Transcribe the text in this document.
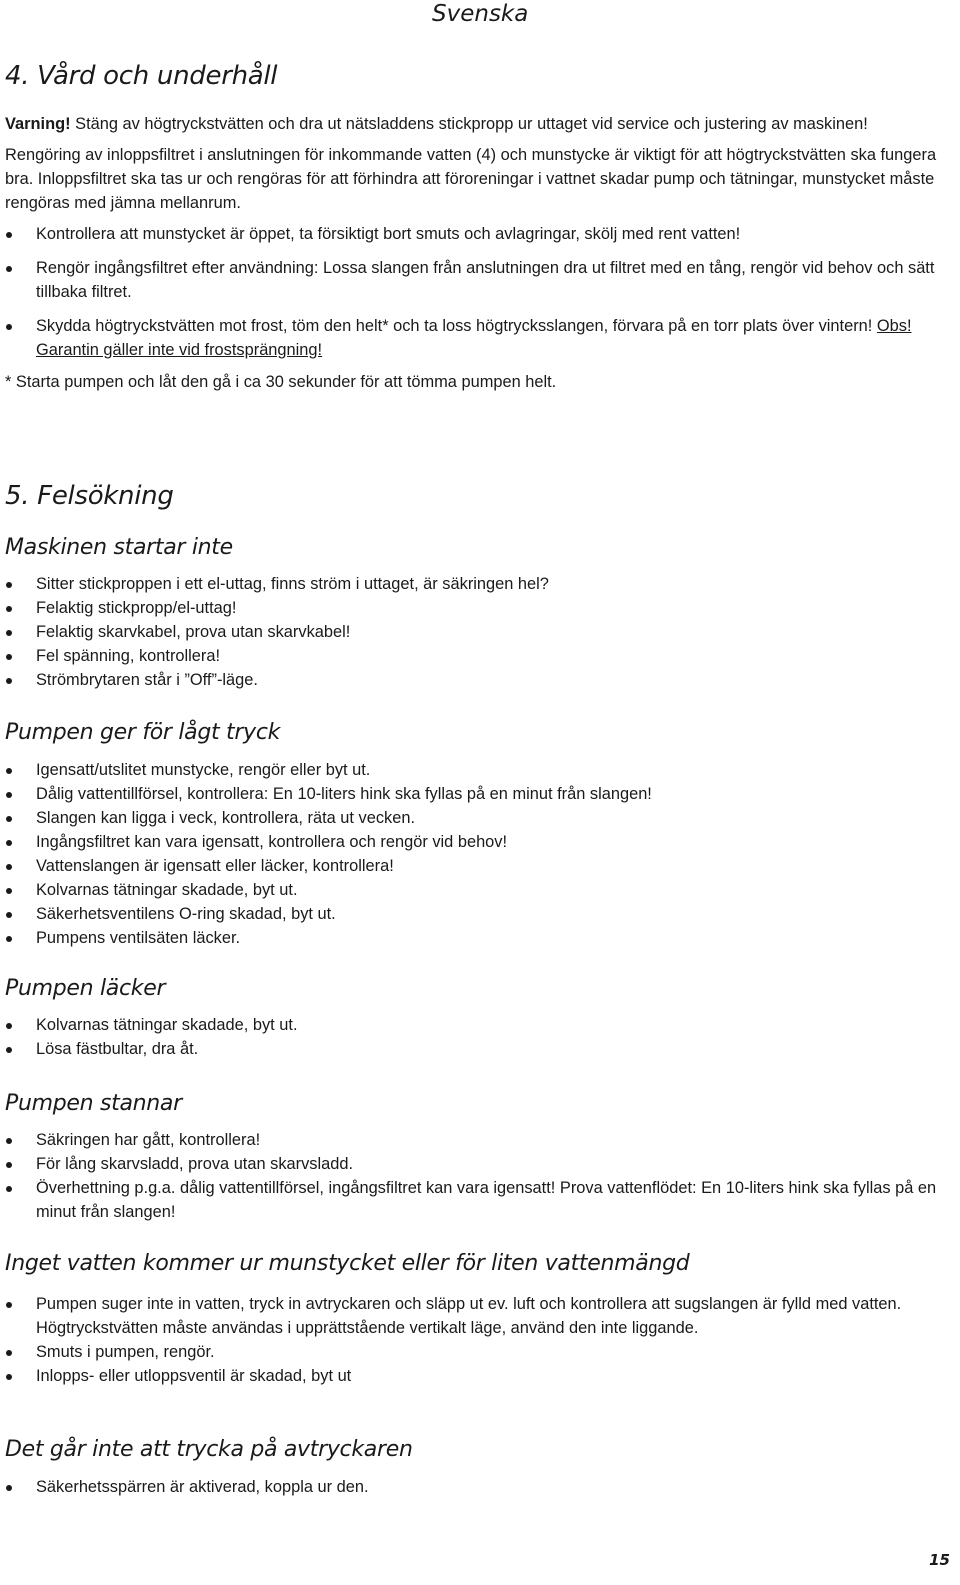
Svenska
4. Vård och underhåll

Varning! Stäng av högtryckstvätten och dra ut nätsladdens stickpropp ur uttaget vid service och justering av maskinen!

Rengöring av inloppsfiltret i anslutningen för inkommande vatten (4) och munstycke är viktigt för att högtryckstvätten ska fungera bra. Inloppsfiltret ska tas ur och rengöras för att förhindra att föroreningar i vattnet skadar pump och tätningar, munstycket måste rengöras med jämna mellanrum.

Kontrollera att munstycket är öppet, ta försiktigt bort smuts och avlagringar, skölj med rent vatten!
Rengör ingångsfiltret efter användning: Lossa slangen från anslutningen dra ut filtret med en tång, rengör vid behov och sätt tillbaka filtret.
Skydda högtryckstvätten mot frost, töm den helt* och ta loss högtrycksslangen, förvara på en torr plats över vintern! Obs! Garantin gäller inte vid frostsprängning!

* Starta pumpen och låt den gå i ca 30 sekunder för att tömma pumpen helt.

5. Felsökning
Maskinen startar inte
Sitter stickproppen i ett el-uttag, finns ström i uttaget, är säkringen hel?
Felaktig stickpropp/el-uttag!
Felaktig skarvkabel, prova utan skarvkabel!
Fel spänning, kontrollera!
Strömbrytaren står i ”Off”-läge.
Pumpen ger för lågt tryck
Igensatt/utslitet munstycke, rengör eller byt ut.
Dålig vattentillförsel, kontrollera: En 10-liters hink ska fyllas på en minut från slangen!
Slangen kan ligga i veck, kontrollera, räta ut vecken.
Ingångsfiltret kan vara igensatt, kontrollera och rengör vid behov!
Vattenslangen är igensatt eller läcker, kontrollera!
Kolvarnas tätningar skadade, byt ut.
Säkerhetsventilens O-ring skadad, byt ut.
Pumpens ventilsäten läcker.
Pumpen läcker
Kolvarnas tätningar skadade, byt ut.
Lösa fästbultar, dra åt.
Pumpen stannar
Säkringen har gått, kontrollera!
För lång skarvsladd, prova utan skarvsladd.
Överhettning p.g.a. dålig vattentillförsel, ingångsfiltret kan vara igensatt! Prova vattenflödet: En 10-liters hink ska fyllas på en minut från slangen!
Inget vatten kommer ur munstycket eller för liten vattenmängd
Pumpen suger inte in vatten, tryck in avtryckaren och släpp ut ev. luft och kontrollera att sugslangen är fylld med vatten. Högtryckstvätten måste användas i upprättstående vertikalt läge, använd den inte liggande.
Smuts i pumpen, rengör.
Inlopps- eller utloppsventil är skadad, byt ut
Det går inte att trycka på avtryckaren
Säkerhetsspärren är aktiverad, koppla ur den.
15
